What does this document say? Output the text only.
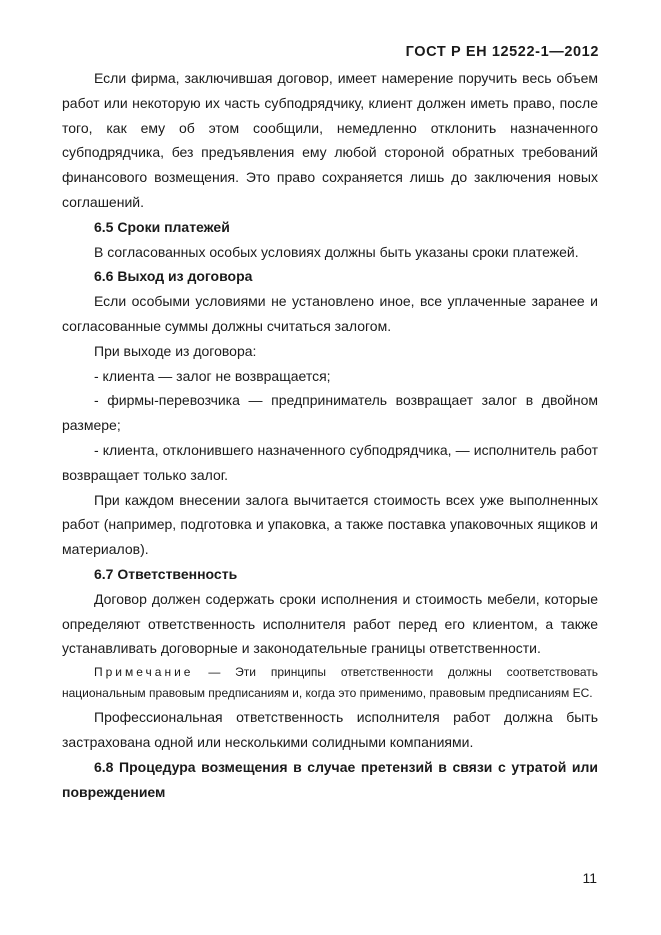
ГОСТ Р ЕН 12522-1—2012

Если фирма, заключившая договор, имеет намерение поручить весь объем работ или некоторую их часть субподрядчику, клиент должен иметь право, после того, как ему об этом сообщили, немедленно отклонить назначенного субподрядчика, без предъявления ему любой стороной обратных требований финансового возмещения. Это право сохраняется лишь до заключения новых соглашений.

6.5 Сроки платежей

В согласованных особых условиях должны быть указаны сроки платежей.

6.6 Выход из договора

Если особыми условиями не установлено иное, все уплаченные заранее и согласованные суммы должны считаться залогом.

При выходе из договора:

- клиента — залог не возвращается;

- фирмы-перевозчика — предприниматель возвращает залог в двойном размере;

- клиента, отклонившего назначенного субподрядчика, — исполнитель работ возвращает только залог.

При каждом внесении залога вычитается стоимость всех уже выполненных работ (например, подготовка и упаковка, а также поставка упаковочных ящиков и материалов).

6.7 Ответственность

Договор должен содержать сроки исполнения и стоимость мебели, которые определяют ответственность исполнителя работ перед его клиентом, а также устанавливать договорные и законодательные границы ответственности.

Примечание — Эти принципы ответственности должны соответствовать национальным правовым предписаниям и, когда это применимо, правовым предписаниям ЕС.

Профессиональная ответственность исполнителя работ должна быть застрахована одной или несколькими солидными компаниями.

6.8 Процедура возмещения в случае претензий в связи с утратой или повреждением

11
